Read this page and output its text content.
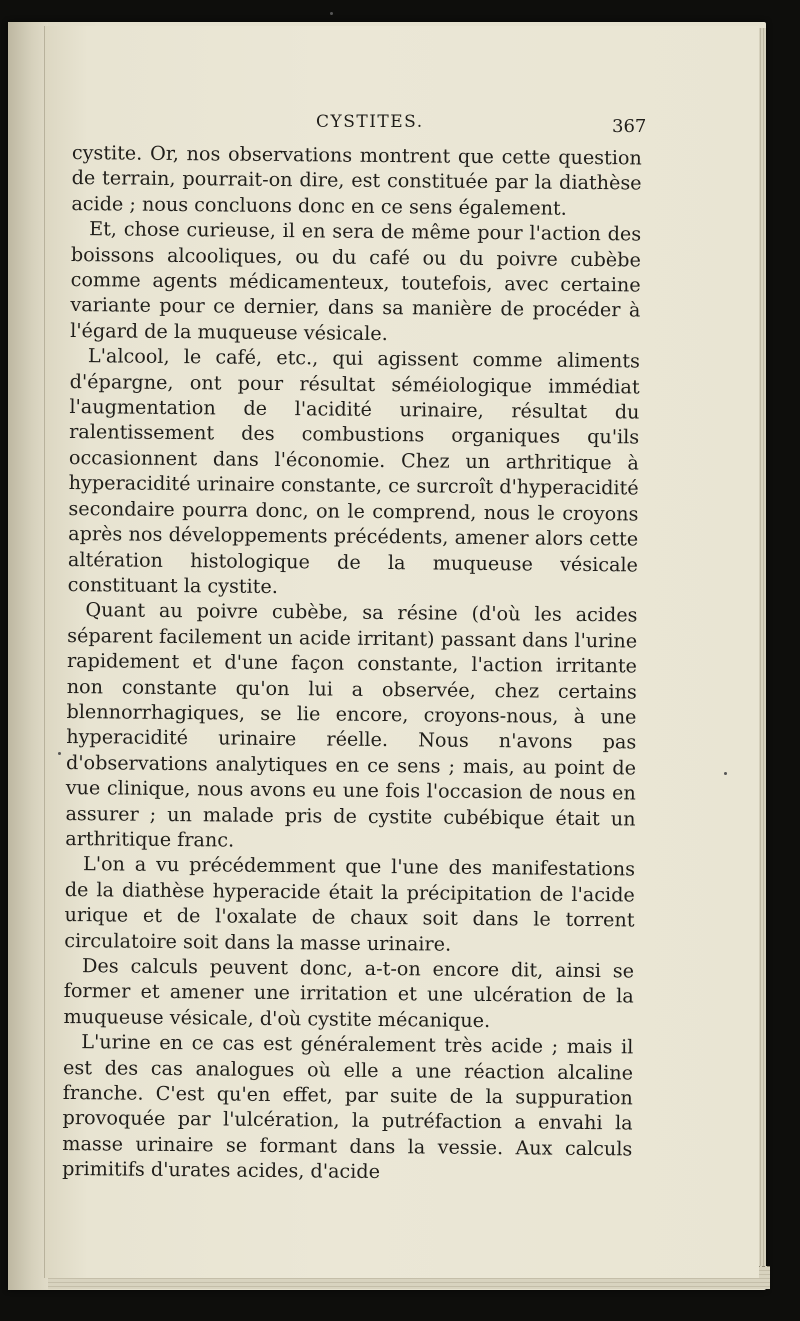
CYSTITES.	367

cystite. Or, nos observations montrent que cette question de terrain, pourrait-on dire, est constituée par la diathèse acide ; nous concluons donc en ce sens également.

Et, chose curieuse, il en sera de même pour l'action des boissons alcooliques, ou du café ou du poivre cubèbe comme agents médicamenteux, toutefois, avec certaine variante pour ce dernier, dans sa manière de procéder à l'égard de la muqueuse vésicale.

L'alcool, le café, etc., qui agissent comme aliments d'épargne, ont pour résultat séméiologique immédiat l'augmentation de l'acidité urinaire, résultat du ralentissement des combustions organiques qu'ils occasionnent dans l'économie. Chez un arthritique à hyperacidité urinaire constante, ce surcroît d'hyperacidité secondaire pourra donc, on le comprend, nous le croyons après nos développements précédents, amener alors cette altération histologique de la muqueuse vésicale constituant la cystite.

Quant au poivre cubèbe, sa résine (d'où les acides séparent facilement un acide irritant) passant dans l'urine rapidement et d'une façon constante, l'action irritante non constante qu'on lui a observée, chez certains blennorrhagiques, se lie encore, croyons-nous, à une hyperacidité urinaire réelle. Nous n'avons pas d'observations analytiques en ce sens ; mais, au point de vue clinique, nous avons eu une fois l'occasion de nous en assurer ; un malade pris de cystite cubébique était un arthritique franc.

L'on a vu précédemment que l'une des manifestations de la diathèse hyperacide était la précipitation de l'acide urique et de l'oxalate de chaux soit dans le torrent circulatoire soit dans la masse urinaire.

Des calculs peuvent donc, a-t-on encore dit, ainsi se former et amener une irritation et une ulcération de la muqueuse vésicale, d'où cystite mécanique.

L'urine en ce cas est généralement très acide ; mais il est des cas analogues où elle a une réaction alcaline franche. C'est qu'en effet, par suite de la suppuration provoquée par l'ulcération, la putréfaction a envahi la masse urinaire se formant dans la vessie. Aux calculs primitifs d'urates acides, d'acide
